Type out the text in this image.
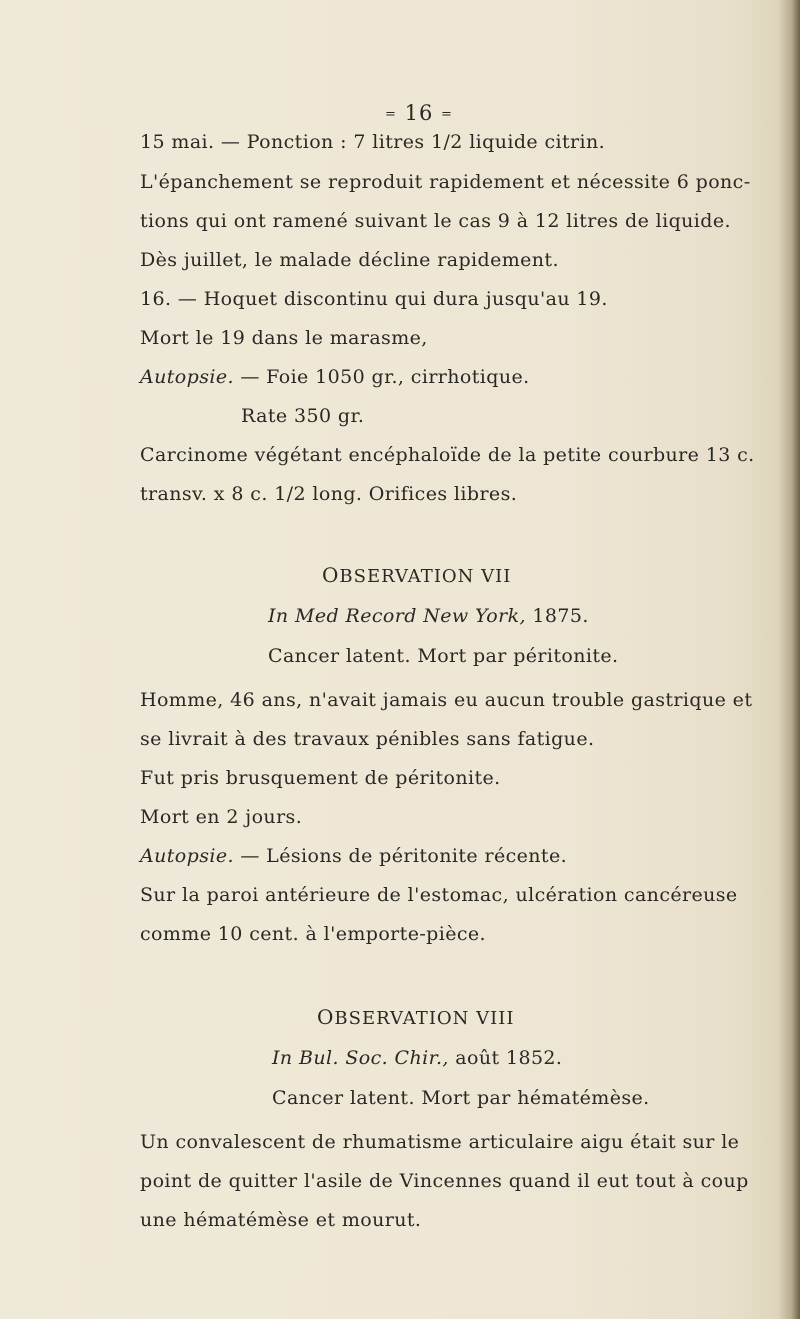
= 16 =
15 mai. — Ponction : 7 litres 1/2 liquide citrin.
L'épanchement se reproduit rapidement et nécessite 6 ponc-
tions qui ont ramené suivant le cas 9 à 12 litres de liquide.
Dès juillet, le malade décline rapidement.
16. — Hoquet discontinu qui dura jusqu'au 19.
Mort le 19 dans le marasme,
Autopsie. — Foie 1050 gr., cirrhotique.
Rate 350 gr.
Carcinome végétant encéphaloïde de la petite courbure 13 c.
transv. x 8 c. 1/2 long. Orifices libres.
OBSERVATION VII
In Med Record New York, 1875.
Cancer latent. Mort par péritonite.
Homme, 46 ans, n'avait jamais eu aucun trouble gastrique et
se livrait à des travaux pénibles sans fatigue.
Fut pris brusquement de péritonite.
Mort en 2 jours.
Autopsie. — Lésions de péritonite récente.
Sur la paroi antérieure de l'estomac, ulcération cancéreuse
comme 10 cent. à l'emporte-pièce.
OBSERVATION VIII
In Bul. Soc. Chir., août 1852.
Cancer latent. Mort par hématémèse.
Un convalescent de rhumatisme articulaire aigu était sur le
point de quitter l'asile de Vincennes quand il eut tout à coup
une hématémèse et mourut.
